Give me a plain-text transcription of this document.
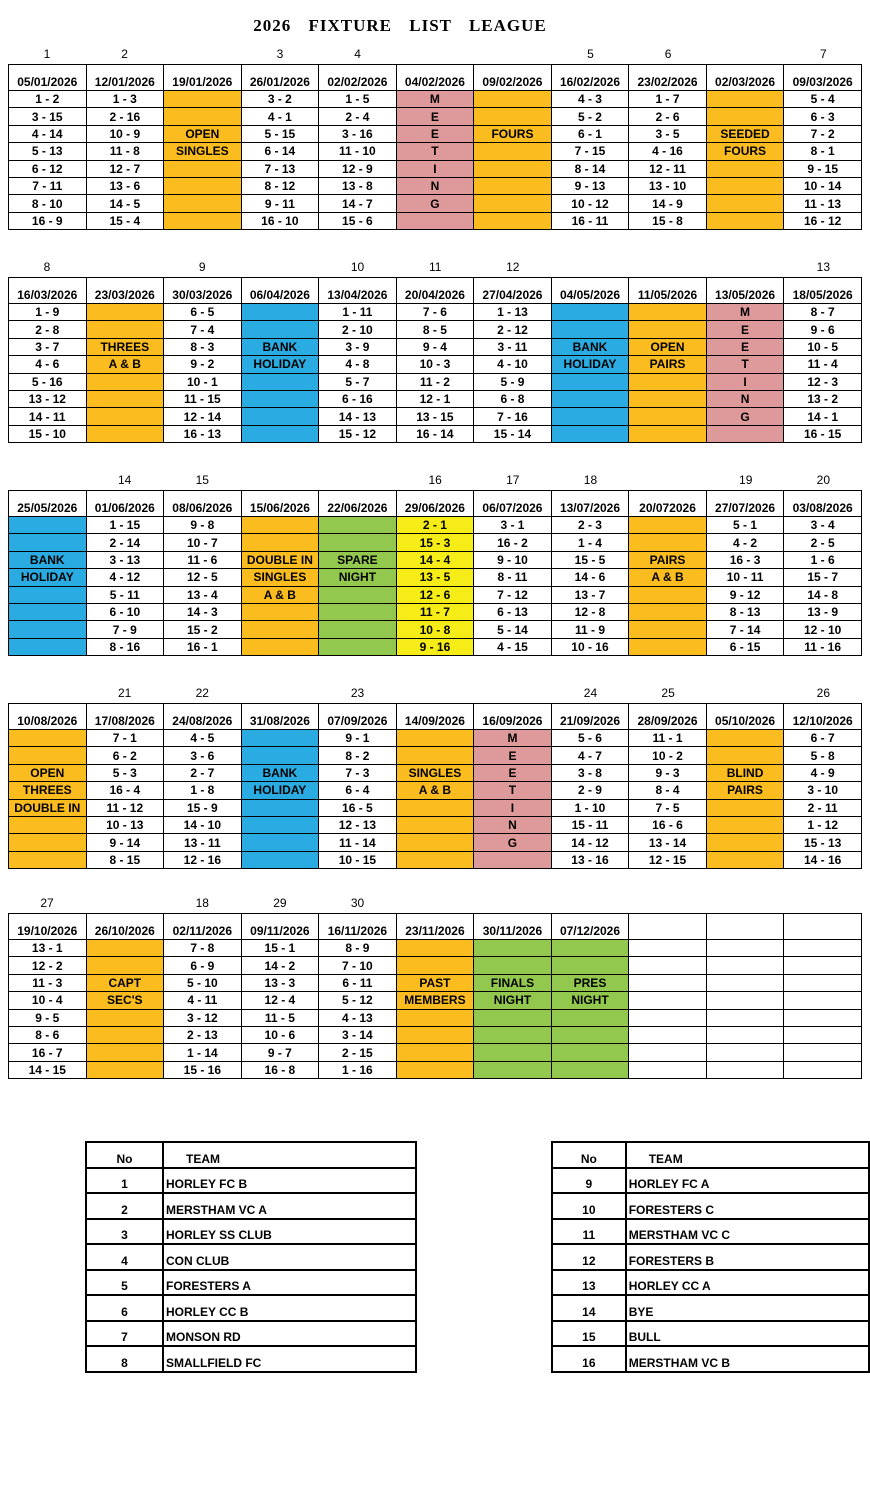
2026 FIXTURE LIST LEAGUE
1	2	3	4	5	6	7
05/01/2026	12/01/2026	19/01/2026	26/01/2026	02/02/2026	04/02/2026	09/02/2026	16/02/2026	23/02/2026	02/03/2026	09/03/2026
1 - 2	1 - 3		3 - 2	1 - 5	M		4 - 3	1 - 7		5 - 4
3 - 15	2 - 16		4 - 1	2 - 4	E		5 - 2	2 - 6		6 - 3
4 - 14	10 - 9	OPEN	5 - 15	3 - 16	E	FOURS	6 - 1	3 - 5	SEEDED	7 - 2
5 - 13	11 - 8	SINGLES	6 - 14	11 - 10	T		7 - 15	4 - 16	FOURS	8 - 1
6 - 12	12 - 7		7 - 13	12 - 9	I		8 - 14	12 - 11		9 - 15
7 - 11	13 - 6		8 - 12	13 - 8	N		9 - 13	13 - 10		10 - 14
8 - 10	14 - 5		9 - 11	14 - 7	G		10 - 12	14 - 9		11 - 13
16 - 9	15 - 4		16 - 10	15 - 6			16 - 11	15 - 8		16 - 12
8	9	10	11	12	13
16/03/2026	23/03/2026	30/03/2026	06/04/2026	13/04/2026	20/04/2026	27/04/2026	04/05/2026	11/05/2026	13/05/2026	18/05/2026
1 - 9		6 - 5		1 - 11	7 - 6	1 - 13			M	8 - 7
2 - 8		7 - 4		2 - 10	8 - 5	2 - 12			E	9 - 6
3 - 7	THREES	8 - 3	BANK	3 - 9	9 - 4	3 - 11	BANK	OPEN	E	10 - 5
4 - 6	A & B	9 - 2	HOLIDAY	4 - 8	10 - 3	4 - 10	HOLIDAY	PAIRS	T	11 - 4
5 - 16		10 - 1		5 - 7	11 - 2	5 - 9			I	12 - 3
13 - 12		11 - 15		6 - 16	12 - 1	6 - 8			N	13 - 2
14 - 11		12 - 14		14 - 13	13 - 15	7 - 16			G	14 - 1
15 - 10		16 - 13		15 - 12	16 - 14	15 - 14				16 - 15
14	15	16	17	18	19	20
25/05/2026	01/06/2026	08/06/2026	15/06/2026	22/06/2026	29/06/2026	06/07/2026	13/07/2026	20/072026	27/07/2026	03/08/2026
	1 - 15	9 - 8			2 - 1	3 - 1	2 - 3		5 - 1	3 - 4
	2 - 14	10 - 7			15 - 3	16 - 2	1 - 4		4 - 2	2 - 5
BANK	3 - 13	11 - 6	DOUBLE IN	SPARE	14 - 4	9 - 10	15 - 5	PAIRS	16 - 3	1 - 6
HOLIDAY	4 - 12	12 - 5	SINGLES	NIGHT	13 - 5	8 - 11	14 - 6	A & B	10 - 11	15 - 7
	5 - 11	13 - 4	A & B		12 - 6	7 - 12	13 - 7		9 - 12	14 - 8
	6 - 10	14 - 3			11 - 7	6 - 13	12 - 8		8 - 13	13 - 9
	7 - 9	15 - 2			10 - 8	5 - 14	11 - 9		7 - 14	12 - 10
	8 - 16	16 - 1			9 - 16	4 - 15	10 - 16		6 - 15	11 - 16
21	22	23	24	25	26
10/08/2026	17/08/2026	24/08/2026	31/08/2026	07/09/2026	14/09/2026	16/09/2026	21/09/2026	28/09/2026	05/10/2026	12/10/2026
	7 - 1	4 - 5		9 - 1		M	5 - 6	11 - 1		6 - 7
	6 - 2	3 - 6		8 - 2		E	4 - 7	10 - 2		5 - 8
OPEN	5 - 3	2 - 7	BANK	7 - 3	SINGLES	E	3 - 8	9 - 3	BLIND	4 - 9
THREES	16 - 4	1 - 8	HOLIDAY	6 - 4	A & B	T	2 - 9	8 - 4	PAIRS	3 - 10
DOUBLE IN	11 - 12	15 - 9		16 - 5		I	1 - 10	7 - 5		2 - 11
	10 - 13	14 - 10		12 - 13		N	15 - 11	16 - 6		1 - 12
	9 - 14	13 - 11		11 - 14		G	14 - 12	13 - 14		15 - 13
	8 - 15	12 - 16		10 - 15			13 - 16	12 - 15		14 - 16
27	18	29	30
19/10/2026	26/10/2026	02/11/2026	09/11/2026	16/11/2026	23/11/2026	30/11/2026	07/12/2026			
13 - 1		7 - 8	15 - 1	8 - 9						
12 - 2		6 - 9	14 - 2	7 - 10						
11 - 3	CAPT	5 - 10	13 - 3	6 - 11	PAST	FINALS	PRES			
10 - 4	SEC'S	4 - 11	12 - 4	5 - 12	MEMBERS	NIGHT	NIGHT			
9 - 5		3 - 12	11 - 5	4 - 13						
8 - 6		2 - 13	10 - 6	3 - 14						
16 - 7		1 - 14	9 - 7	2 - 15						
14 - 15		15 - 16	16 - 8	1 - 16						
No	TEAM
1	HORLEY FC B
2	MERSTHAM VC A
3	HORLEY SS CLUB
4	CON CLUB
5	FORESTERS A
6	HORLEY CC B
7	MONSON RD
8	SMALLFIELD FC
No	TEAM
9	HORLEY FC A
10	FORESTERS C
11	MERSTHAM VC C
12	FORESTERS B
13	HORLEY CC A
14	BYE
15	BULL
16	MERSTHAM VC B
